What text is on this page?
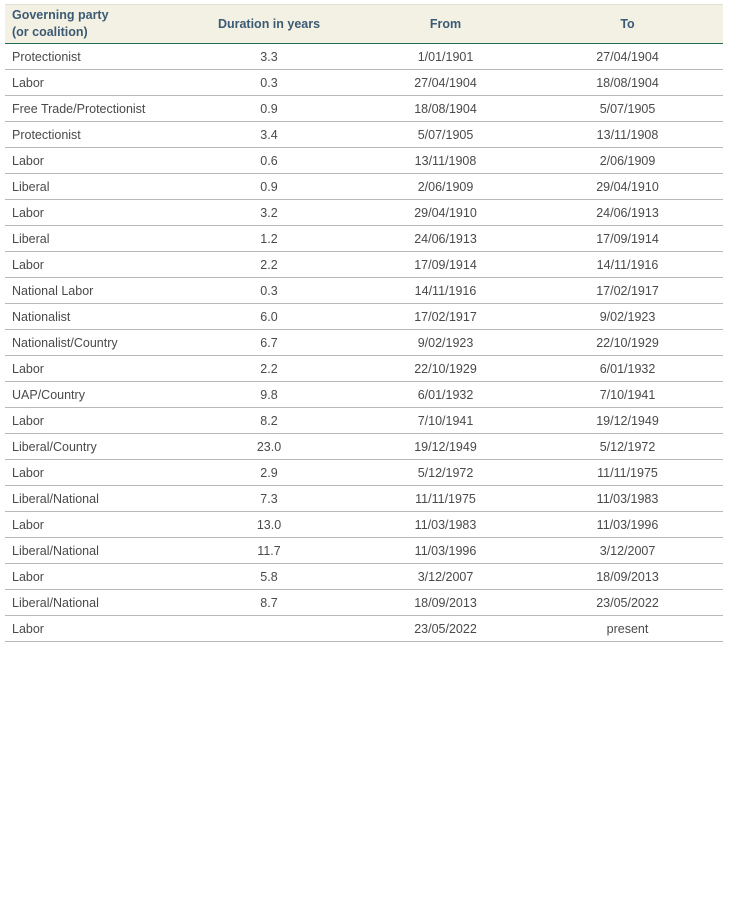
Governing party
(or coalition)	Duration in years	From	To
Protectionist	3.3	1/01/1901	27/04/1904
Labor	0.3	27/04/1904	18/08/1904
Free Trade/Protectionist	0.9	18/08/1904	5/07/1905
Protectionist	3.4	5/07/1905	13/11/1908
Labor	0.6	13/11/1908	2/06/1909
Liberal	0.9	2/06/1909	29/04/1910
Labor	3.2	29/04/1910	24/06/1913
Liberal	1.2	24/06/1913	17/09/1914
Labor	2.2	17/09/1914	14/11/1916
National Labor	0.3	14/11/1916	17/02/1917
Nationalist	6.0	17/02/1917	9/02/1923
Nationalist/Country	6.7	9/02/1923	22/10/1929
Labor	2.2	22/10/1929	6/01/1932
UAP/Country	9.8	6/01/1932	7/10/1941
Labor	8.2	7/10/1941	19/12/1949
Liberal/Country	23.0	19/12/1949	5/12/1972
Labor	2.9	5/12/1972	11/11/1975
Liberal/National	7.3	11/11/1975	11/03/1983
Labor	13.0	11/03/1983	11/03/1996
Liberal/National	11.7	11/03/1996	3/12/2007
Labor	5.8	3/12/2007	18/09/2013
Liberal/National	8.7	18/09/2013	23/05/2022
Labor		23/05/2022	present
